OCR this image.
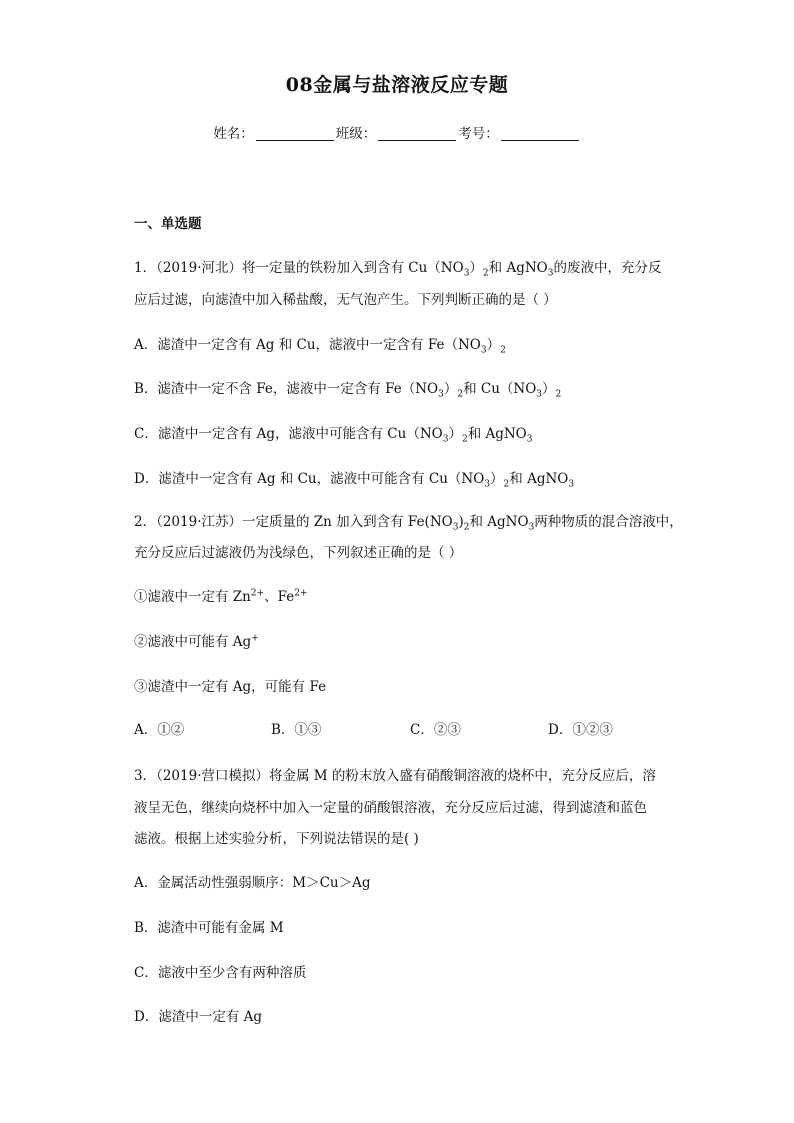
08金属与盐溶液反应专题
姓名：	班级：	考号：
一、单选题
1．（2019·河北）将一定量的铁粉加入到含有 $Cu(NO_3)_2$和 AgNO$_3$的废液中，充分反
应后过滤，向滤渣中加入稀盐酸，无气泡产生。下列判断正确的是（ ）
A．滤渣中一定含有 Ag 和 Cu，滤液中一定含有 $Fe(NO_3)_2$
B．滤渣中一定不含 Fe，滤液中一定含有 $Fe(NO_3)_2$和 $Cu(NO_3)_2$
C．滤渣中一定含有 Ag，滤液中可能含有 $Cu(NO_3)_2$和 AgNO$_3$
D．滤渣中一定含有 Ag 和 Cu，滤液中可能含有 $Cu(NO_3)_2$和 AgNO$_3$
2．（2019·江苏）一定质量的 Zn 加入到含有 $Fe(NO_3)_2$和 AgNO$_3$两种物质的混合溶液中，
充分反应后过滤液仍为浅绿色，下列叙述正确的是（ ）
①滤液中一定有 $Zn^{2+}$、$Fe^{2+}$
②滤液中可能有 Ag+
③滤渣中一定有 Ag，可能有 Fe
A．①②	B．①③	C．②③	D．①②③
3．（2019·营口模拟）将金属 M 的粉末放入盛有硝酸铜溶液的烧杯中，充分反应后，溶
液呈无色，继续向烧杯中加入一定量的硝酸银溶液，充分反应后过滤，得到滤渣和蓝色
滤液。根据上述实验分析，下列说法错误的是( )
A．金属活动性强弱顺序：M＞Cu＞Ag
B．滤渣中可能有金属 M
C．滤液中至少含有两种溶质
D．滤渣中一定有 Ag
